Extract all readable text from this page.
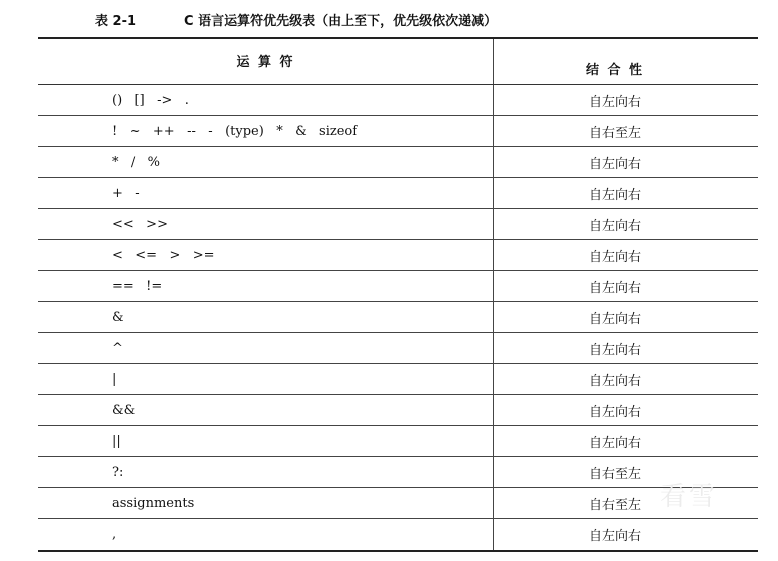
表 2-1	C 语言运算符优先级表（由上至下，优先级依次递减）
运 算 符
结 合 性
()   []   ->   .	自左向右
!   ~   ++   --   -   (type)   *   &   sizeof	自右至左
*   /   %	自左向右
+   -	自左向右
<<   >>	自左向右
<   <=   >   >=	自左向右
==   !=	自左向右
&	自左向右
^	自左向右
|	自左向右
&&	自左向右
||	自左向右
?:	自右至左
assignments	自右至左
,	自左向右
看雪
